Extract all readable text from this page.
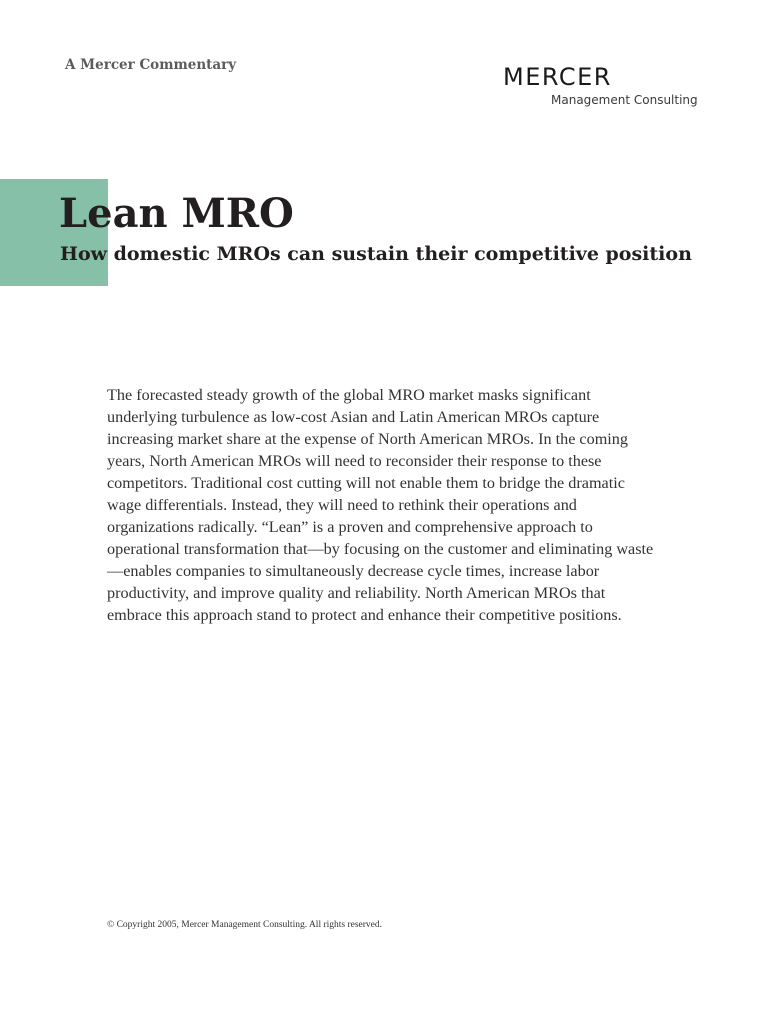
A Mercer Commentary	MERCER
Management Consulting
Lean MRO
How domestic MROs can sustain their competitive position

The forecasted steady growth of the global MRO market masks significant underlying turbulence as low-cost Asian and Latin American MROs capture increasing market share at the expense of North American MROs. In the coming years, North American MROs will need to reconsider their response to these competitors. Traditional cost cutting will not enable them to bridge the dramatic wage differentials. Instead, they will need to rethink their operations and organizations radically. “Lean” is a proven and comprehensive approach to operational transformation that—by focusing on the customer and eliminating waste—enables companies to simultaneously decrease cycle times, increase labor productivity, and improve quality and reliability. North American MROs that embrace this approach stand to protect and enhance their competitive positions.

© Copyright 2005, Mercer Management Consulting. All rights reserved.
